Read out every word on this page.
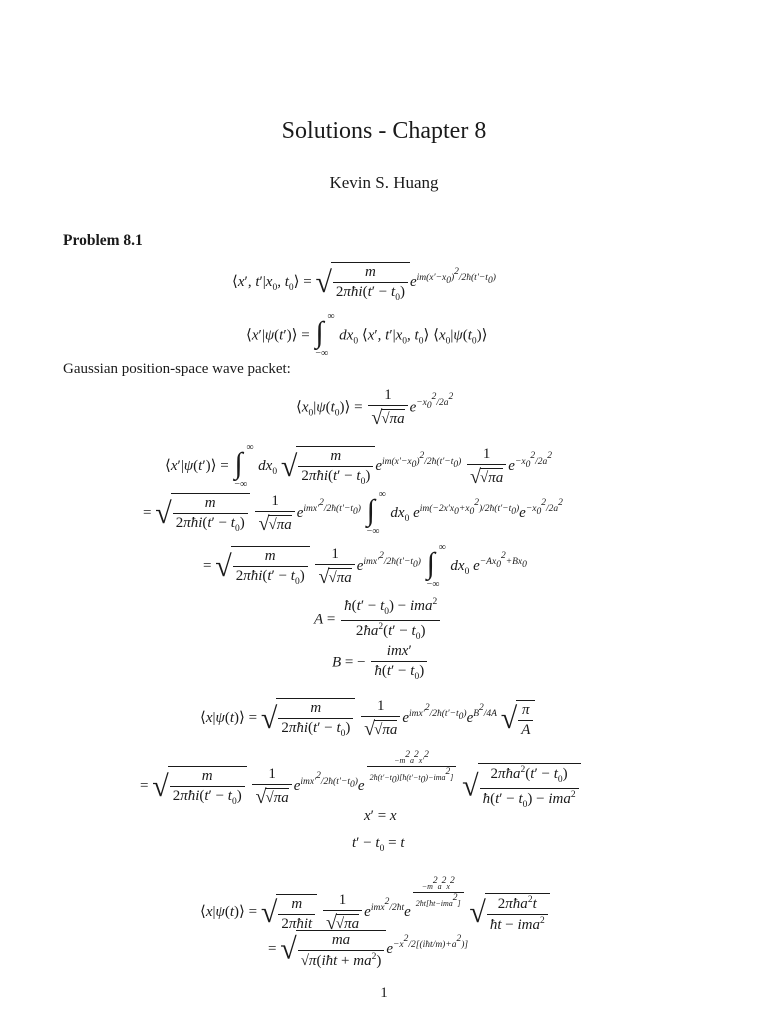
Solutions - Chapter 8
Kevin S. Huang
Problem 8.1
⟨x′, $t'|x_0$, $t_0⟩$ = √ $\frac{m}{2\pi ħi(t' - t_0)} e^{im(x'-x_0)^2/2ħ(t'-t_0)}$
⟨x′|ψ(t′)⟩ = ∫ ∞
−∞
$dx_0$ ⟨x′, $t'|x_0$, $t_0⟩$ $⟨x_0|\psi(t_0)⟩$
Gaussian position-space wave packet:
$⟨x_0|\psi(t_0)⟩ = \frac{1}{√√\pi a} e^{-x_0^2/2a^2}$
⟨x′|ψ(t′)⟩ = ∫ ∞
−∞
$dx_0$ √ $\frac{m}{2\pi ħi(t' - t_0)} e^{im(x'-x_0)^2/2ħ(t'-t_0)} \frac{1}{√√\pi a} e^{-x_0^2/2a^2}$
= √ $\frac{m}{2\pi ħi(t' - t_0)}$
$\frac{1}{√√\pi a} e^{imx'^2/2ħ(t'-t_0)}$ ∫ ∞
−∞
$dx_0$ $e^{im(-2x'x_0+x_0^2)/2ħ(t'-t_0)}e^{-x_0^2/2a^2}$
= √ $\frac{m}{2\pi ħi(t' - t_0)}$
$\frac{1}{√√\pi a} e^{imx'^2/2ħ(t'-t_0)}$ ∫ ∞
−∞
$dx_0$ $e^{-Ax_0^2+Bx_0}$
$A = \frac{ħ(t' - t_0) - ima^2}{2ħa^2(t' - t_0)}$
B = − $\frac{\text{imx′}}{ħ(t' - t_0)}$
⟨x|ψ(t)⟩ = √ $\frac{m}{2\pi ħi(t' - t_0)}$
$\frac{1}{√√\pi a} e^{imx'^2/2ħ(t'-t_0)}e^{B^2/4A}$ √ $\frac{\pi}{A}$
= √ $\frac{m}{2\pi ħi(t' - t_0)}$
$\frac{1}{√√\pi a} e^{imx'^2/2ħ(t'-t_0)}e \frac{-m^2a^2x'^2}{2ħ(t'-t_0)[ħ(t'-t_0)-ima^2]}$ √ $\frac{2\pi ħa^2(t' - t_0)}{ħ(t' - t_0) - ima^2}$
x′ = x
$t' - t_0 = t$
⟨x|ψ(t)⟩ = √ $\frac{m}{\text{2πħit}}$
$\frac{1}{√√\pi a} e^{imx^2/2ħt}e$
$\frac{-m^2a^2x^2}{2ħt[ħt-ima^2]}$
√ $\frac{2\pi ħa^2t}{ħt - ima^2}$
= √ $\frac{ma}{√\pi(iħt + ma^2)} e^{-x^2/2[(iħt/m)+a^2)]}$
1
